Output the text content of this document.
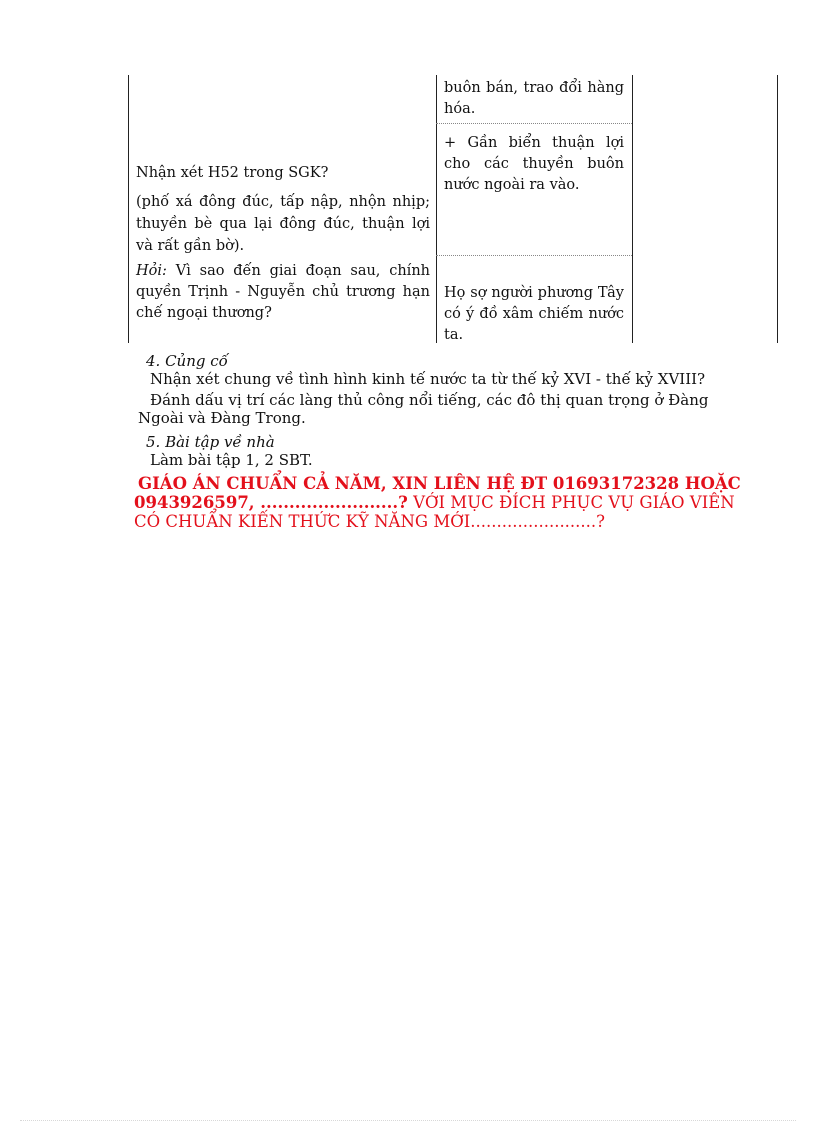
Nhận xét H52 trong SGK?
(phố xá đông đúc, tấp nập, nhộn nhịp; thuyền bè qua lại đông đúc, thuận lợi và rất gần bờ).
Hỏi: Vì sao đến giai đoạn sau, chính quyền Trịnh - Nguyễn chủ trương hạn chế ngoại thương?
buôn bán, trao đổi hàng hóa.
+ Gần biển thuận lợi cho các thuyền buôn nước ngoài ra vào.
Họ sợ người phương Tây có ý đồ xâm chiếm nước ta.
4. Củng cố
Nhận xét chung về tình hình kinh tế nước ta từ thế kỷ XVI - thế kỷ XVIII?
Đánh dấu vị trí các làng thủ công nổi tiếng, các đô thị quan trọng ở Đàng
Ngoài và Đàng Trong.
5. Bài tập về nhà
Làm bài tập 1, 2 SBT.
GIÁO ÁN CHUẨN CẢ NĂM, XIN LIÊN HỆ ĐT 01693172328 HOẶC
0943926597, ........................? VỚI MỤC ĐÍCH PHỤC VỤ GIÁO VIÊN
CÓ CHUẨN KIẾN THỨC KỸ NĂNG MỚI........................?
